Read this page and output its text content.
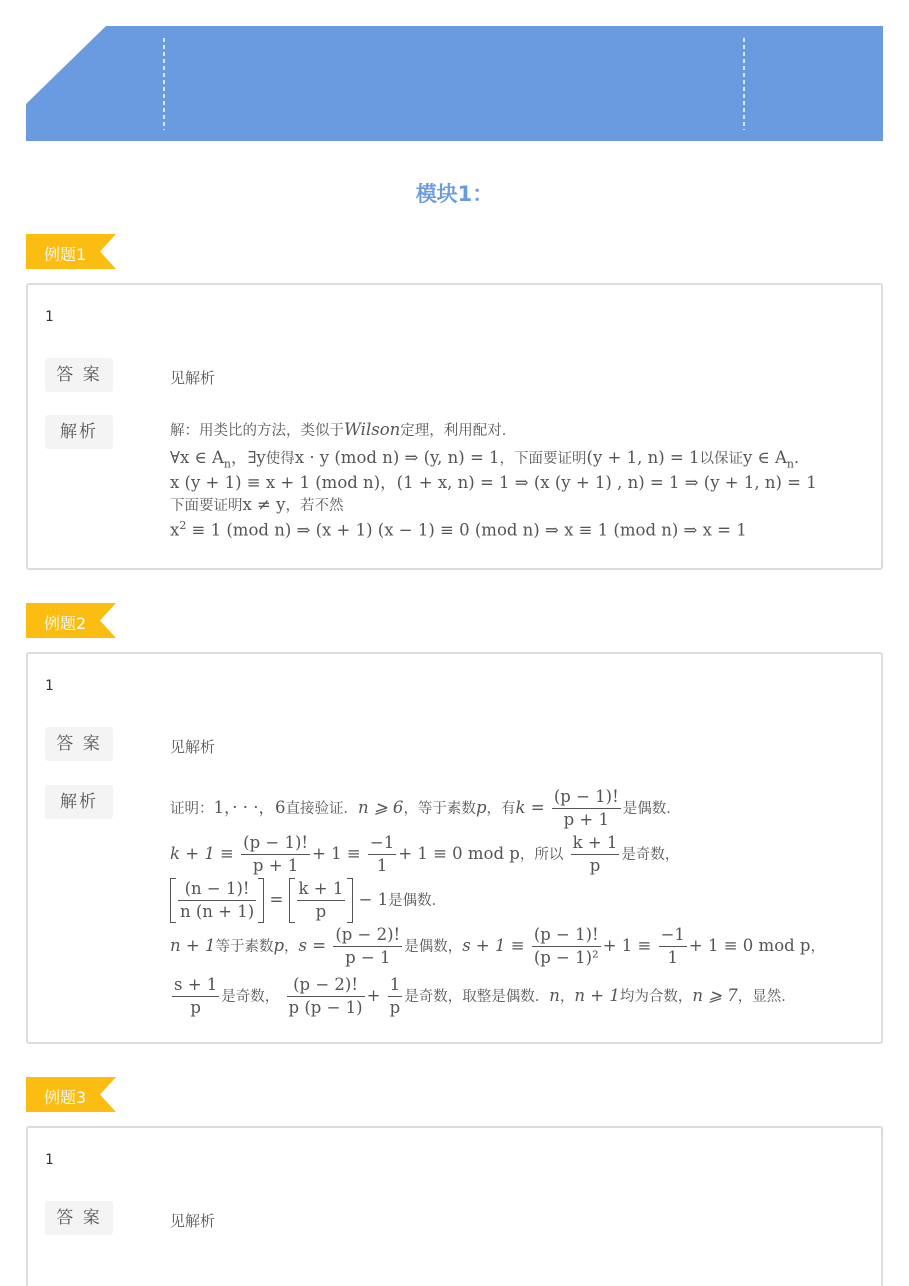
模块1：
例题1
1
答 案	见解析
解析	解：用类比的方法，类似于Wilson定理，利用配对．
∀x ∈ $A_n$，∃y使得x · y (mod n) ⇒ (y, n) = 1，下面要证明(y + 1, n) = 1以保证y ∈ $A_n$．
x (y + 1) ≡ x + 1 (mod n)，(1 + x, n) = 1 ⇒ (x (y + 1) , n) = 1 ⇒ (y + 1, n) = 1
下面要证明x ≠ y，若不然
$x^2 \equiv 1$ (mod n) ⇒ (x + 1) (x − 1) ≡ 0 (mod n) ⇒ x ≡ 1 (mod n) ⇒ x = 1
例题2
1
答 案	见解析
解析	证明：1，· · ·，6直接验证．n ⩾ 6，等于素数p，有$k = \frac{(p - 1)!}{p + 1}$ 是偶数．
$k + 1 \equiv \frac{(p - 1)!}{p + 1} + 1 \equiv \frac{-1}{1} + 1 \equiv 0$ mod p，所以 $\frac{k + 1}{p}$ 是奇数，
$\frac{(n - 1)!}{n (n + 1)} = \frac{k + 1}{p} - 1$是偶数．
n + 1等于素数p，$s = \frac{(p - 2)!}{p - 1}$ 是偶数，$s + 1 \equiv \frac{(p - 1)!}{\text{(p − 1)²}} + 1 \equiv \frac{-1}{1} + 1 \equiv 0$ mod p，
$\frac{s + 1}{p}$ 是奇数， $\frac{(p - 2)!}{p (p - 1)} + \frac{1}{p}$ 是奇数，取整是偶数．n，n + 1均为合数，n ⩾ 7，显然．
例题3
1
答 案	见解析
